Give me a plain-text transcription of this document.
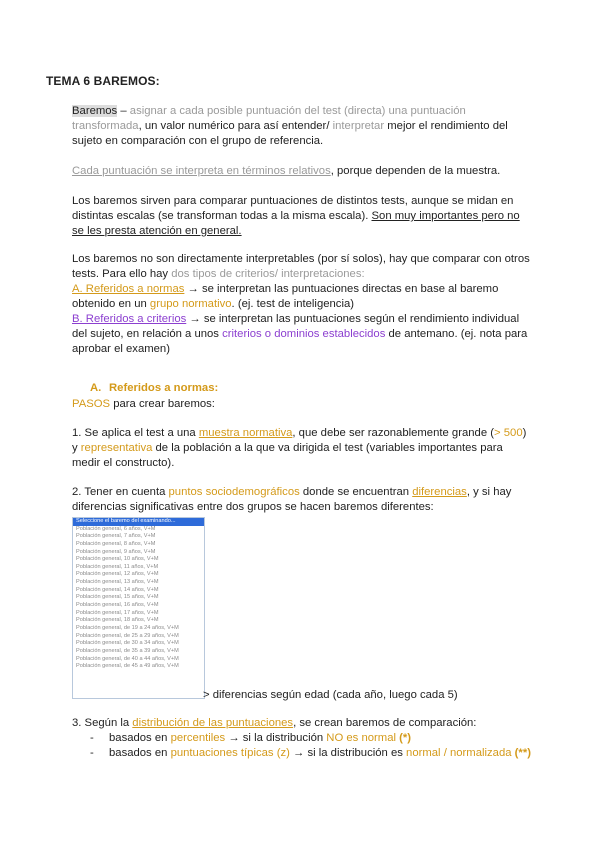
TEMA 6 BAREMOS:

Baremos – asignar a cada posible puntuación del test (directa) una puntuación transformada, un valor numérico para así entender/ interpretar mejor el rendimiento del sujeto en comparación con el grupo de referencia.

Cada puntuación se interpreta en términos relativos, porque dependen de la muestra.

Los baremos sirven para comparar puntuaciones de distintos tests, aunque se midan en distintas escalas (se transforman todas a la misma escala). Son muy importantes pero no se les presta atención en general.

Los baremos no son directamente interpretables (por sí solos), hay que comparar con otros tests. Para ello hay dos tipos de criterios/ interpretaciones:
A. Referidos a normas → se interpretan las puntuaciones directas en base al baremo obtenido en un grupo normativo. (ej. test de inteligencia)
B. Referidos a criterios → se interpretan las puntuaciones según el rendimiento individual del sujeto, en relación a unos criterios o dominios establecidos de antemano. (ej. nota para aprobar el examen)

A. Referidos a normas:

PASOS para crear baremos:

1. Se aplica el test a una muestra normativa, que debe ser razonablemente grande (> 500) y representativa de la población a la que va dirigida el test (variables importantes para medir el constructo).

2. Tener en cuenta puntos sociodemográficos donde se encuentran diferencias, y si hay diferencias significativas entre dos grupos se hacen baremos diferentes:

Seleccione el baremo del examinando...
Población general, 6 años, V+M
Población general, 7 años, V+M
Población general, 8 años, V+M
Población general, 9 años, V+M
Población general, 10 años, V+M
Población general, 11 años, V+M
Población general, 12 años, V+M
Población general, 13 años, V+M
Población general, 14 años, V+M
Población general, 15 años, V+M
Población general, 16 años, V+M
Población general, 17 años, V+M
Población general, 18 años, V+M
Población general, de 19 a 24 años, V+M
Población general, de 25 a 29 años, V+M
Población general, de 30 a 34 años, V+M
Población general, de 35 a 39 años, V+M
Población general, de 40 a 44 años, V+M
Población general, de 45 a 49 años, V+M
> diferencias según edad (cada año, luego cada 5)

3. Según la distribución de las puntuaciones, se crean baremos de comparación:

- basados en percentiles → si la distribución NO es normal (*)
- basados en puntuaciones típicas (z) → si la distribución es normal / normalizada (**)
